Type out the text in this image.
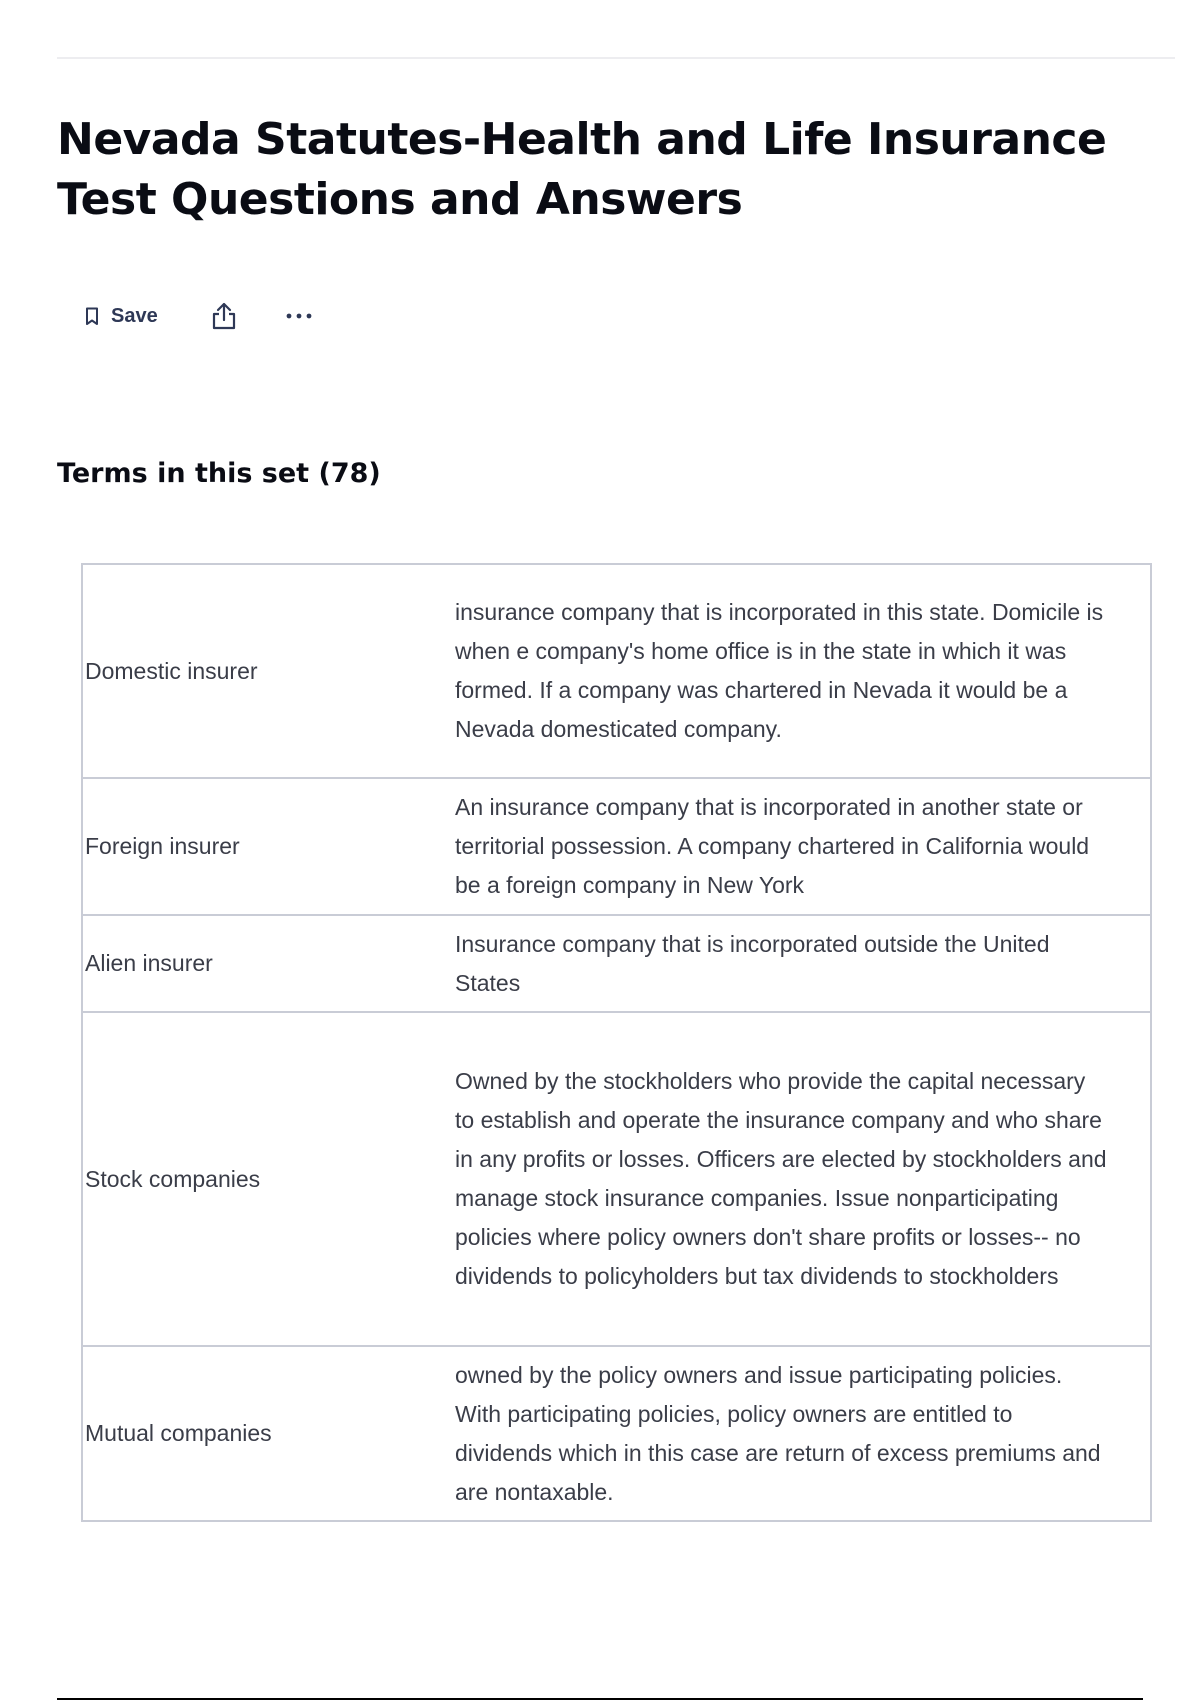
Nevada Statutes-Health and Life Insurance Test Questions and Answers
Save
Terms in this set (78)
Domestic insurer	insurance company that is incorporated in this state. Domicile is when e company's home office is in the state in which it was formed. If a company was chartered in Nevada it would be a Nevada domesticated company.
Foreign insurer	An insurance company that is incorporated in another state or territorial possession. A company chartered in California would be a foreign company in New York
Alien insurer	Insurance company that is incorporated outside the United States
Stock companies	Owned by the stockholders who provide the capital necessary to establish and operate the insurance company and who share in any profits or losses. Officers are elected by stockholders and manage stock insurance companies. Issue nonparticipating policies where policy owners don't share profits or losses-- no dividends to policyholders but tax dividends to stockholders
Mutual companies	owned by the policy owners and issue participating policies. With participating policies, policy owners are entitled to dividends which in this case are return of excess premiums and are nontaxable.
